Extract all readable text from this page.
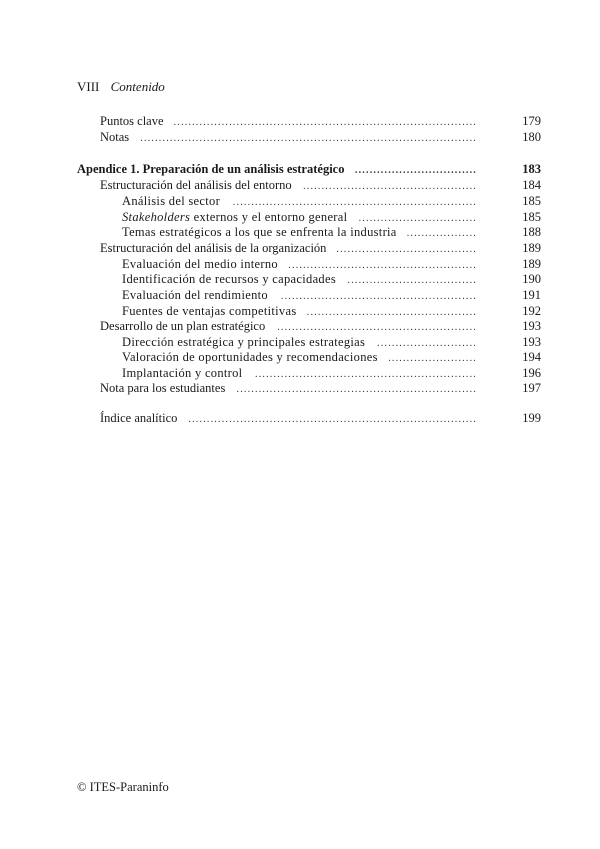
VIII Contenido
Puntos clave	..................................................................................	179
Notas	...........................................................................................	180
Apendice 1. Preparación de un análisis estratégico	.................................	183
Estructuración del análisis del entorno	...............................................	184
Análisis del sector	..................................................................	185
Stakeholders externos y el entorno general	................................	185
Temas estratégicos a los que se enfrenta la industria	...................	188
Estructuración del análisis de la organización ......................................	189
Evaluación del medio interno	...................................................	189
Identificación de recursos y capacidades	...................................	190
Evaluación del rendimiento	.....................................................	191
Fuentes de ventajas competitivas	..............................................	192
Desarrollo de un plan estratégico	......................................................	193
Dirección estratégica y principales estrategias	...........................	193
Valoración de oportunidades y recomendaciones	........................	194
Implantación y control	............................................................	196
Nota para los estudiantes	.................................................................	197
Índice analítico	..............................................................................	199
© ITES-Paraninfo
